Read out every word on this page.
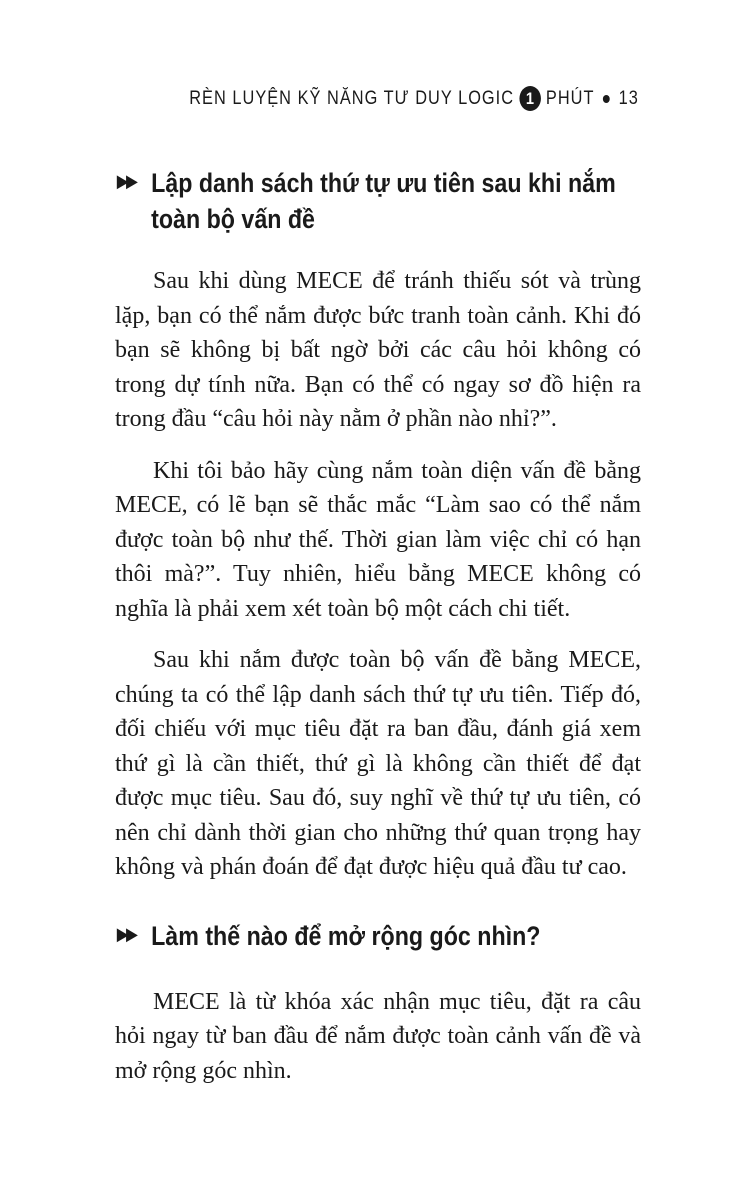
RÈN LUYỆN KỸ NĂNG TƯ DUY LOGIC 1 PHÚT 13
▶▶ Lập danh sách thứ tự ưu tiên sau khi nắm toàn bộ vấn đề

Sau khi dùng MECE để tránh thiếu sót và trùng lặp, bạn có thể nắm được bức tranh toàn cảnh. Khi đó bạn sẽ không bị bất ngờ bởi các câu hỏi không có trong dự tính nữa. Bạn có thể có ngay sơ đồ hiện ra trong đầu “câu hỏi này nằm ở phần nào nhỉ?”.

Khi tôi bảo hãy cùng nắm toàn diện vấn đề bằng MECE, có lẽ bạn sẽ thắc mắc “Làm sao có thể nắm được toàn bộ như thế. Thời gian làm việc chỉ có hạn thôi mà?”. Tuy nhiên, hiểu bằng MECE không có nghĩa là phải xem xét toàn bộ một cách chi tiết.

Sau khi nắm được toàn bộ vấn đề bằng MECE, chúng ta có thể lập danh sách thứ tự ưu tiên. Tiếp đó, đối chiếu với mục tiêu đặt ra ban đầu, đánh giá xem thứ gì là cần thiết, thứ gì là không cần thiết để đạt được mục tiêu. Sau đó, suy nghĩ về thứ tự ưu tiên, có nên chỉ dành thời gian cho những thứ quan trọng hay không và phán đoán để đạt được hiệu quả đầu tư cao.

▶▶ Làm thế nào để mở rộng góc nhìn?

MECE là từ khóa xác nhận mục tiêu, đặt ra câu hỏi ngay từ ban đầu để nắm được toàn cảnh vấn đề và mở rộng góc nhìn.
